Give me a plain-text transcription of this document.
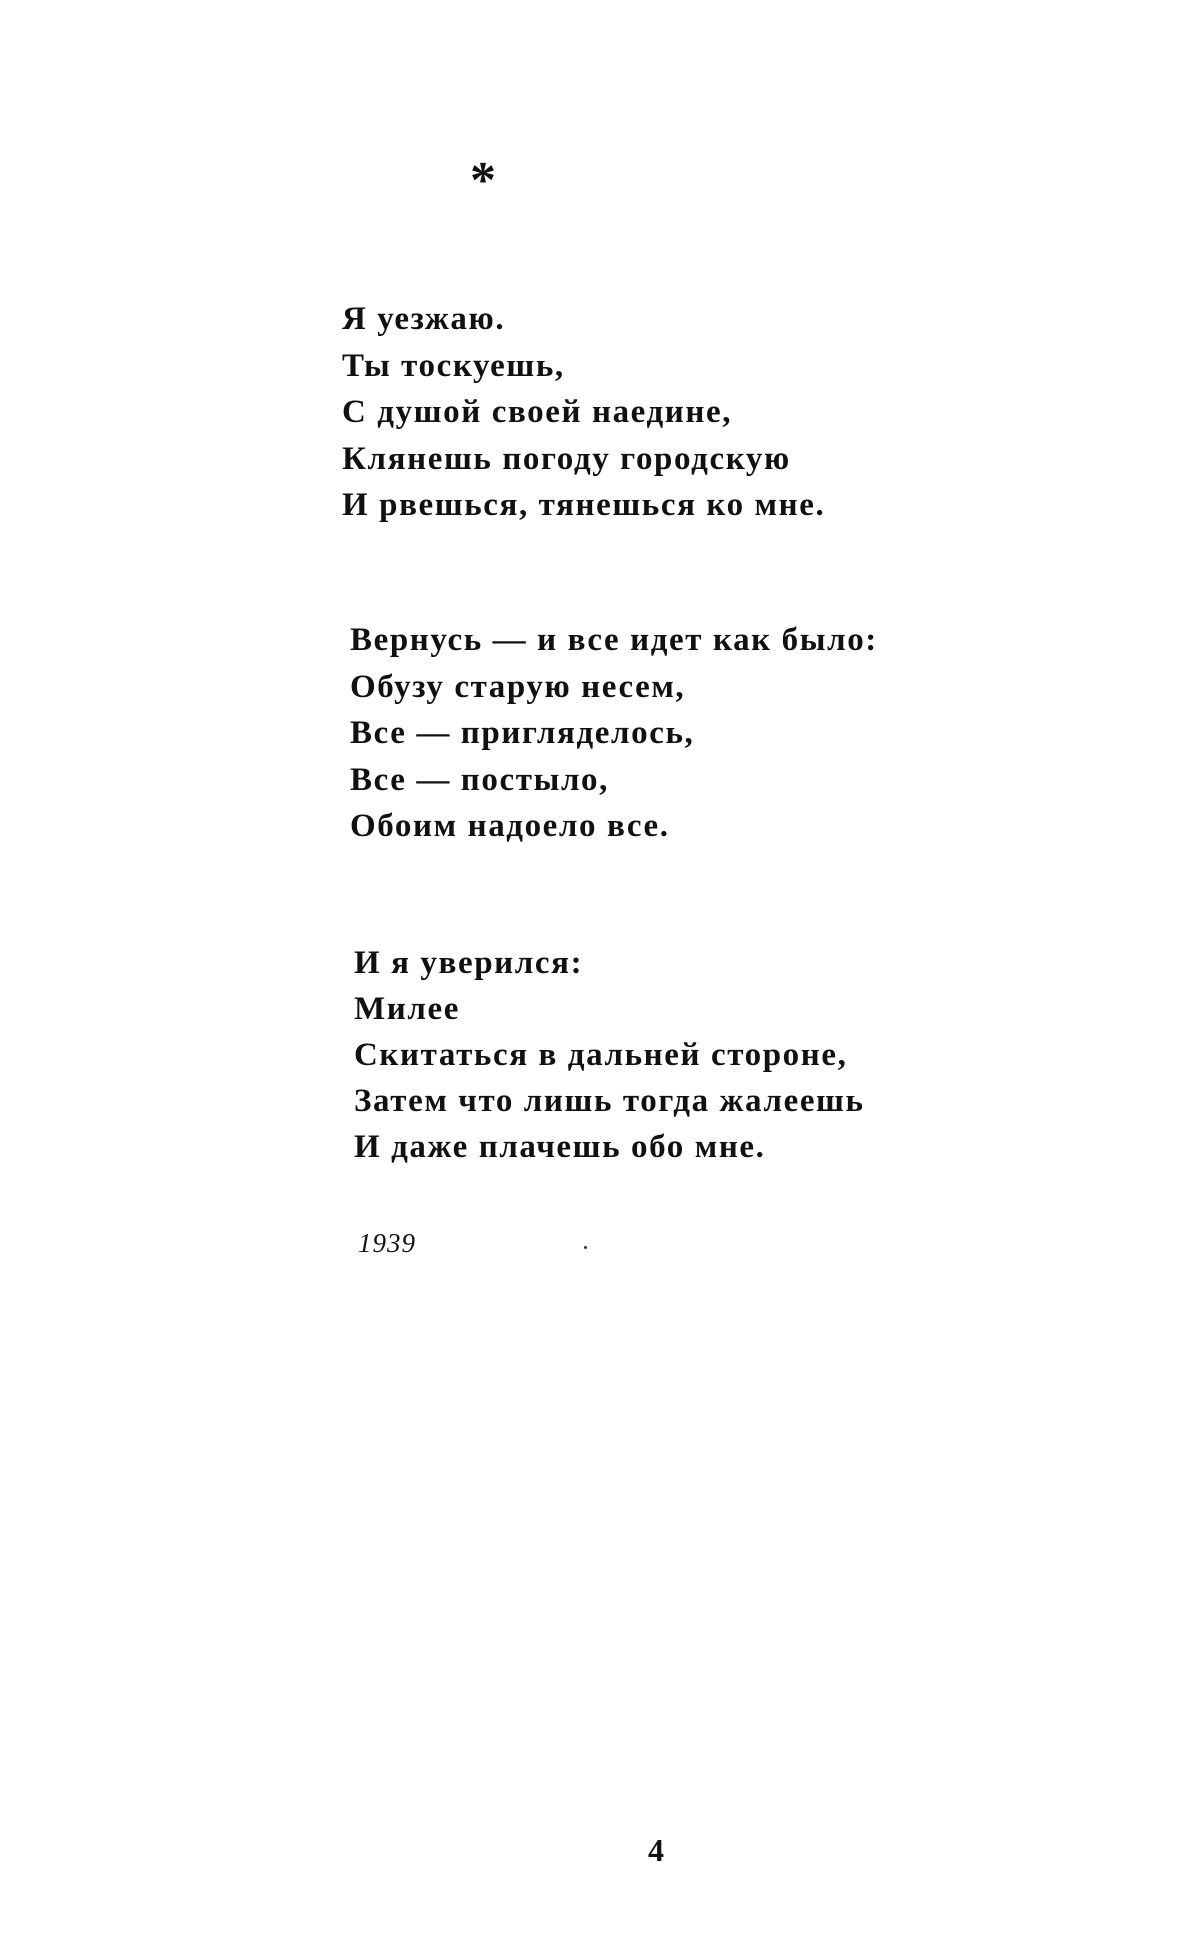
*
Я уезжаю.
Ты тоскуешь,
С душой своей наедине,
Клянешь погоду городскую
И рвешься, тянешься ко мне.
Вернусь — и все идет как было:
Обузу старую несем,
Все — пригляделось,
Все — постыло,
Обоим надоело все.
И я уверился:
Милее
Скитаться в дальней стороне,
Затем что лишь тогда жалеешь
И даже плачешь обо мне.
1939
4
